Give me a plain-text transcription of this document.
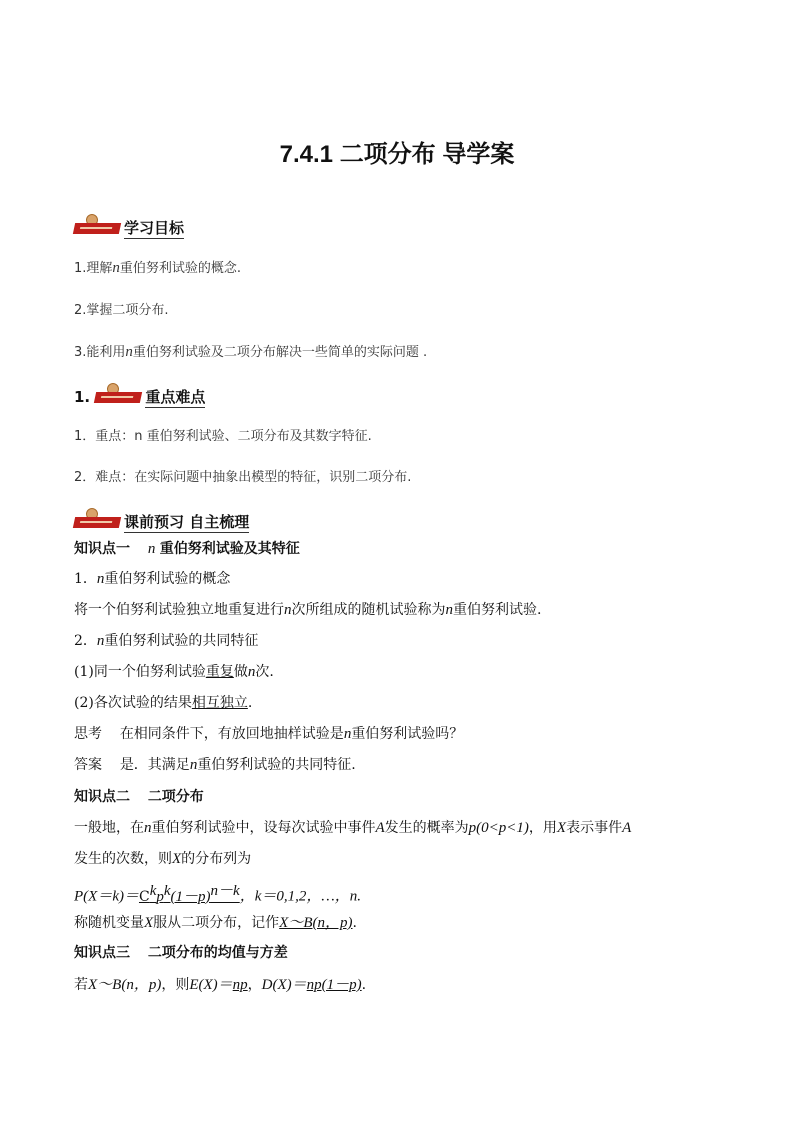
7.4.1 二项分布 导学案
学习目标
1.理解n重伯努利试验的概念.
2.掌握二项分布.
3.能利用n重伯努利试验及二项分布解决一些简单的实际问题 .
1.	重点难点
1．重点：n 重伯努利试验、二项分布及其数字特征.
2．难点：在实际问题中抽象出模型的特征，识别二项分布.
课前预习 自主梳理
知识点一 n 重伯努利试验及其特征
1．n重伯努利试验的概念
将一个伯努利试验独立地重复进行n次所组成的随机试验称为n重伯努利试验.
2．n重伯努利试验的共同特征
(1)同一个伯努利试验重复做n次.
(2)各次试验的结果相互独立.
思考 在相同条件下，有放回地抽样试验是n重伯努利试验吗？
答案 是．其满足n重伯努利试验的共同特征.
知识点二 二项分布
一般地，在n重伯努利试验中，设每次试验中事件A发生的概率为p(0<p<1)，用X表示事件A
发生的次数，则X的分布列为
$P(X=k)=C^kp^k(1-p)^{n-k}$，k＝0,1,2，…，n.
称随机变量X服从二项分布，记作X～B(n，p).
知识点三 二项分布的均值与方差
若X～B(n，p)，则E(X)＝np，D(X)＝np(1－p).
